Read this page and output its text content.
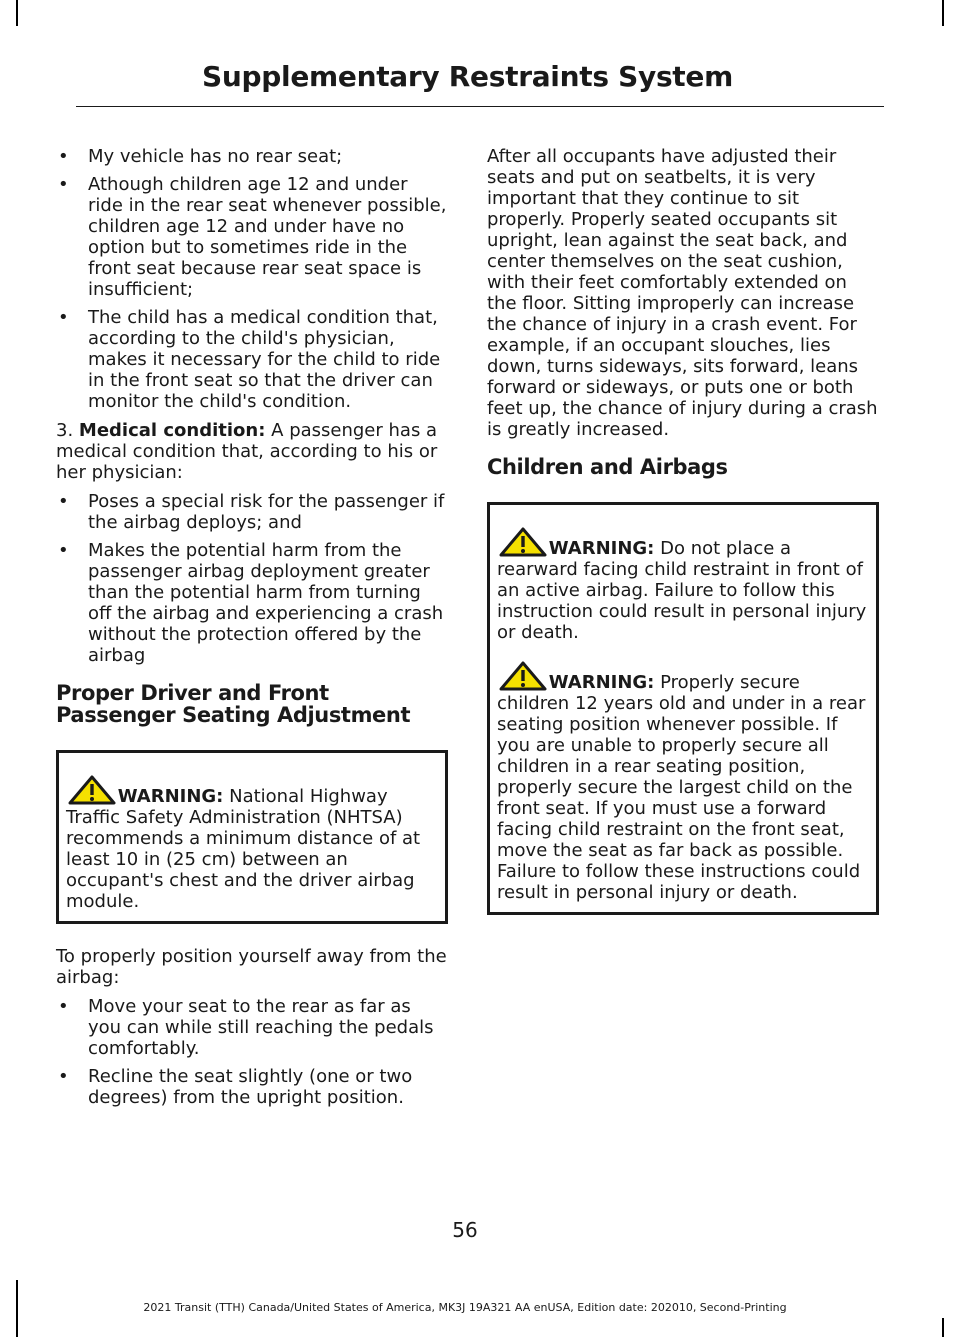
Supplementary Restraints System
• My vehicle has no rear seat;
• Athough children age 12 and under ride in the rear seat whenever possible, children age 12 and under have no option but to sometimes ride in the front seat because rear seat space is insufficient;
• The child has a medical condition that, according to the child's physician, makes it necessary for the child to ride in the front seat so that the driver can monitor the child's condition.

3. Medical condition: A passenger has a medical condition that, according to his or her physician:

• Poses a special risk for the passenger if the airbag deploys; and
• Makes the potential harm from the passenger airbag deployment greater than the potential harm from turning off the airbag and experiencing a crash without the protection offered by the airbag
Proper Driver and Front Passenger Seating Adjustment
WARNING: National Highway Traffic Safety Administration (NHTSA) recommends a minimum distance of at least 10 in (25 cm) between an occupant's chest and the driver airbag module.

To properly position yourself away from the airbag:

• Move your seat to the rear as far as you can while still reaching the pedals comfortably.
• Recline the seat slightly (one or two degrees) from the upright position.

After all occupants have adjusted their seats and put on seatbelts, it is very important that they continue to sit properly. Properly seated occupants sit upright, lean against the seat back, and center themselves on the seat cushion, with their feet comfortably extended on the floor. Sitting improperly can increase the chance of injury in a crash event. For example, if an occupant slouches, lies down, turns sideways, sits forward, leans forward or sideways, or puts one or both feet up, the chance of injury during a crash is greatly increased.

Children and Airbags
WARNING: Do not place a rearward facing child restraint in front of an active airbag. Failure to follow this instruction could result in personal injury or death.
WARNING: Properly secure children 12 years old and under in a rear seating position whenever possible. If you are unable to properly secure all children in a rear seating position, properly secure the largest child on the front seat. If you must use a forward facing child restraint on the front seat, move the seat as far back as possible. Failure to follow these instructions could result in personal injury or death.
56
2021 Transit (TTH) Canada/United States of America, MK3J 19A321 AA enUSA, Edition date: 202010, Second-Printing
